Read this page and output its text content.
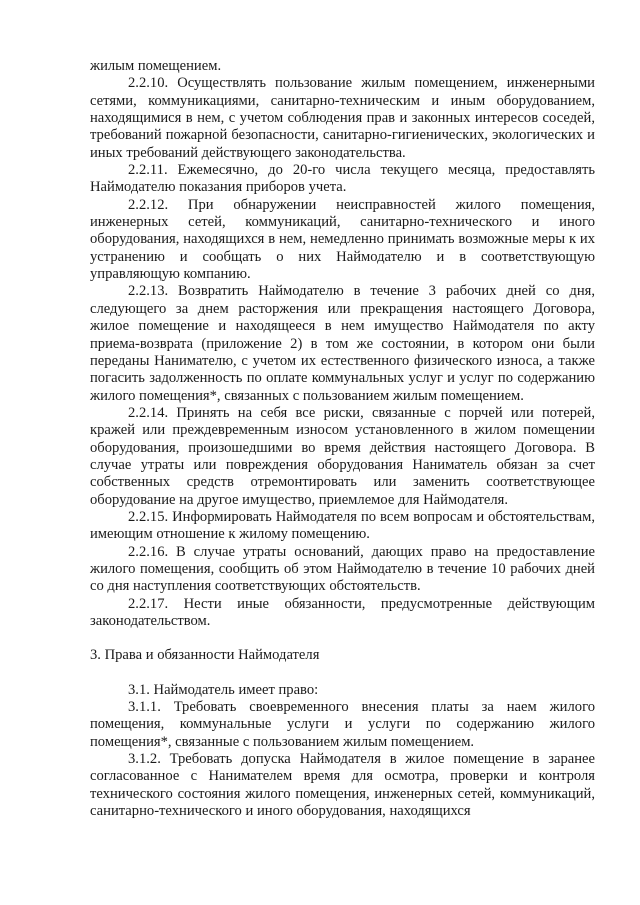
жилым помещением.

2.2.10. Осуществлять пользование жилым помещением, инженерными сетями, коммуникациями, санитарно-техническим и иным оборудованием, находящимися в нем, с учетом соблюдения прав и законных интересов соседей, требований пожарной безопасности, санитарно-гигиенических, экологических и иных требований действующего законодательства.

2.2.11. Ежемесячно, до 20-го числа текущего месяца, предоставлять Наймодателю показания приборов учета.

2.2.12. При обнаружении неисправностей жилого помещения, инженерных сетей, коммуникаций, санитарно-технического и иного оборудования, находящихся в нем, немедленно принимать возможные меры к их устранению и сообщать о них Наймодателю и в соответствующую управляющую компанию.

2.2.13. Возвратить Наймодателю в течение 3 рабочих дней со дня, следующего за днем расторжения или прекращения настоящего Договора, жилое помещение и находящееся в нем имущество Наймодателя по акту приема-возврата (приложение 2) в том же состоянии, в котором они были переданы Нанимателю, с учетом их естественного физического износа, а также погасить задолженность по оплате коммунальных услуг и услуг по содержанию жилого помещения*, связанных с пользованием жилым помещением.

2.2.14. Принять на себя все риски, связанные с порчей или потерей, кражей или преждевременным износом установленного в жилом помещении оборудования, произошедшими во время действия настоящего Договора. В случае утраты или повреждения оборудования Наниматель обязан за счет собственных средств отремонтировать или заменить соответствующее оборудование на другое имущество, приемлемое для Наймодателя.

2.2.15. Информировать Наймодателя по всем вопросам и обстоятельствам, имеющим отношение к жилому помещению.

2.2.16. В случае утраты оснований, дающих право на предоставление жилого помещения, сообщить об этом Наймодателю в течение 10 рабочих дней со дня наступления соответствующих обстоятельств.

2.2.17. Нести иные обязанности, предусмотренные действующим законодательством.

3. Права и обязанности Наймодателя

3.1. Наймодатель имеет право:

3.1.1. Требовать своевременного внесения платы за наем жилого помещения, коммунальные услуги и услуги по содержанию жилого помещения*, связанные с пользованием жилым помещением.

3.1.2. Требовать допуска Наймодателя в жилое помещение в заранее согласованное с Нанимателем время для осмотра, проверки и контроля технического состояния жилого помещения, инженерных сетей, коммуникаций, санитарно-технического и иного оборудования, находящихся
